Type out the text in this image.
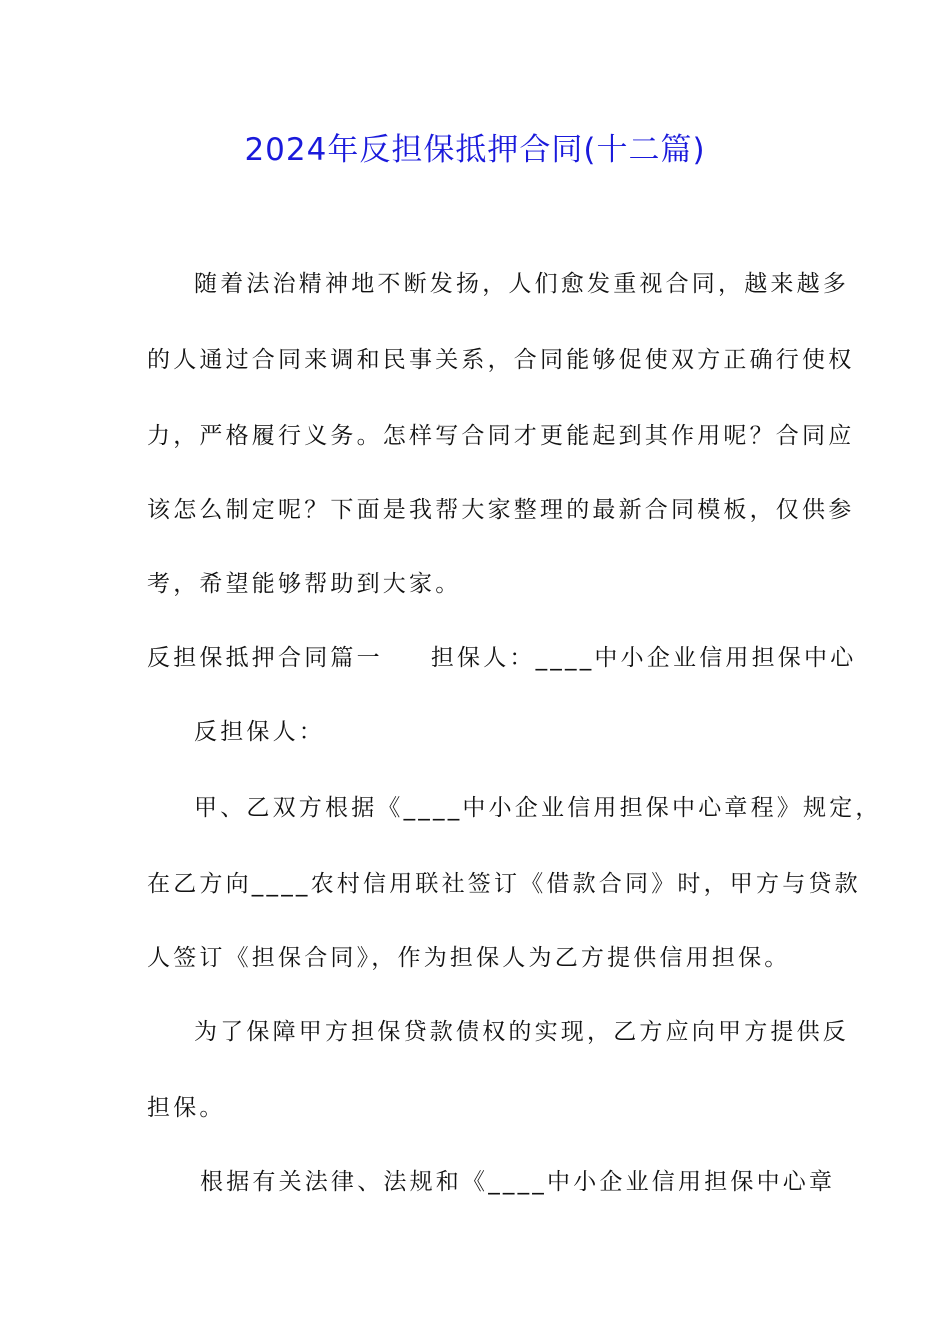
2024年反担保抵押合同(十二篇)
随着法治精神地不断发扬，人们愈发重视合同，越来越多
的人通过合同来调和民事关系，合同能够促使双方正确行使权
力，严格履行义务。怎样写合同才更能起到其作用呢？合同应
该怎么制定呢？下面是我帮大家整理的最新合同模板，仅供参
考，希望能够帮助到大家。
反担保抵押合同篇一 担保人：____中小企业信用担保中心
反担保人：
甲、乙双方根据《____中小企业信用担保中心章程》规定，
在乙方向____农村信用联社签订《借款合同》时，甲方与贷款
人签订《担保合同》，作为担保人为乙方提供信用担保。
为了保障甲方担保贷款债权的实现，乙方应向甲方提供反
担保。
根据有关法律、法规和《____中小企业信用担保中心章
